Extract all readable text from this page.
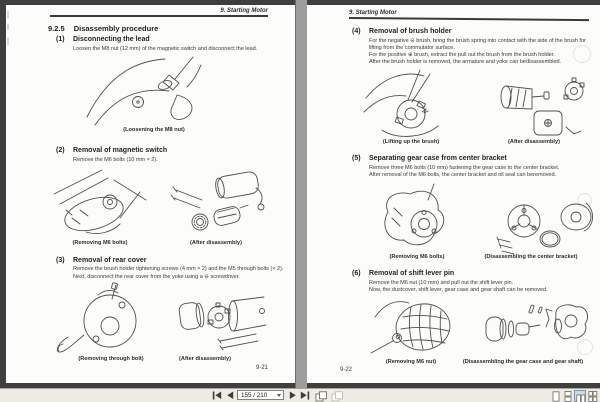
9. Starting Motor
9.2.5 Disassembly procedure
(1) Disconnecting the lead
Loosen the M8 nut (12 mm) of the magnetic switch and disconnect the lead.
(Loosening the M8 nut)
(2) Removal of magnetic switch
Remove the M6 bolts (10 mm × 2).
(Removing M6 bolts)	(After disassembly)
(3) Removal of rear cover
Remove the brush holder tightening screws (4 mm × 2) and the M5 through bolts (× 2).
Next, disconnect the rear cover from the yoke using a ⊖ screwdriver.
(Removing through bolt)	(After disassembly)
9-21
9. Starting Motor
(4) Removal of brush holder
For the negative ⊖ brush, bring the brush spring into contact with the side of the brush for
lifting from the commutator surface.
For the positive ⊕ brush, extract the pull out the brush from the brush holder.
After the brush holder is removed, the armature and yoke can bedisassembled.
(Lifting up the brush)	(After disassembly)
(5) Separating gear case from center bracket
Remove three M6 bolts (10 mm) fastening the gear case to the center bracket.
After removal of the M6 bolts, the center bracket and oil seal can beremoved.
(Removing M6 bolts)	(Disassembling the center bracket)
(6) Removal of shift lever pin
Remove the M6 nut (10 mm) and pull out the shift lever pin.
Now, the dustcover, shift lever, gear case and gear shaft can be removed.
(Removing M6 nut)	(Disassembling the gear case and gear shaft)
9-22
155 / 210
